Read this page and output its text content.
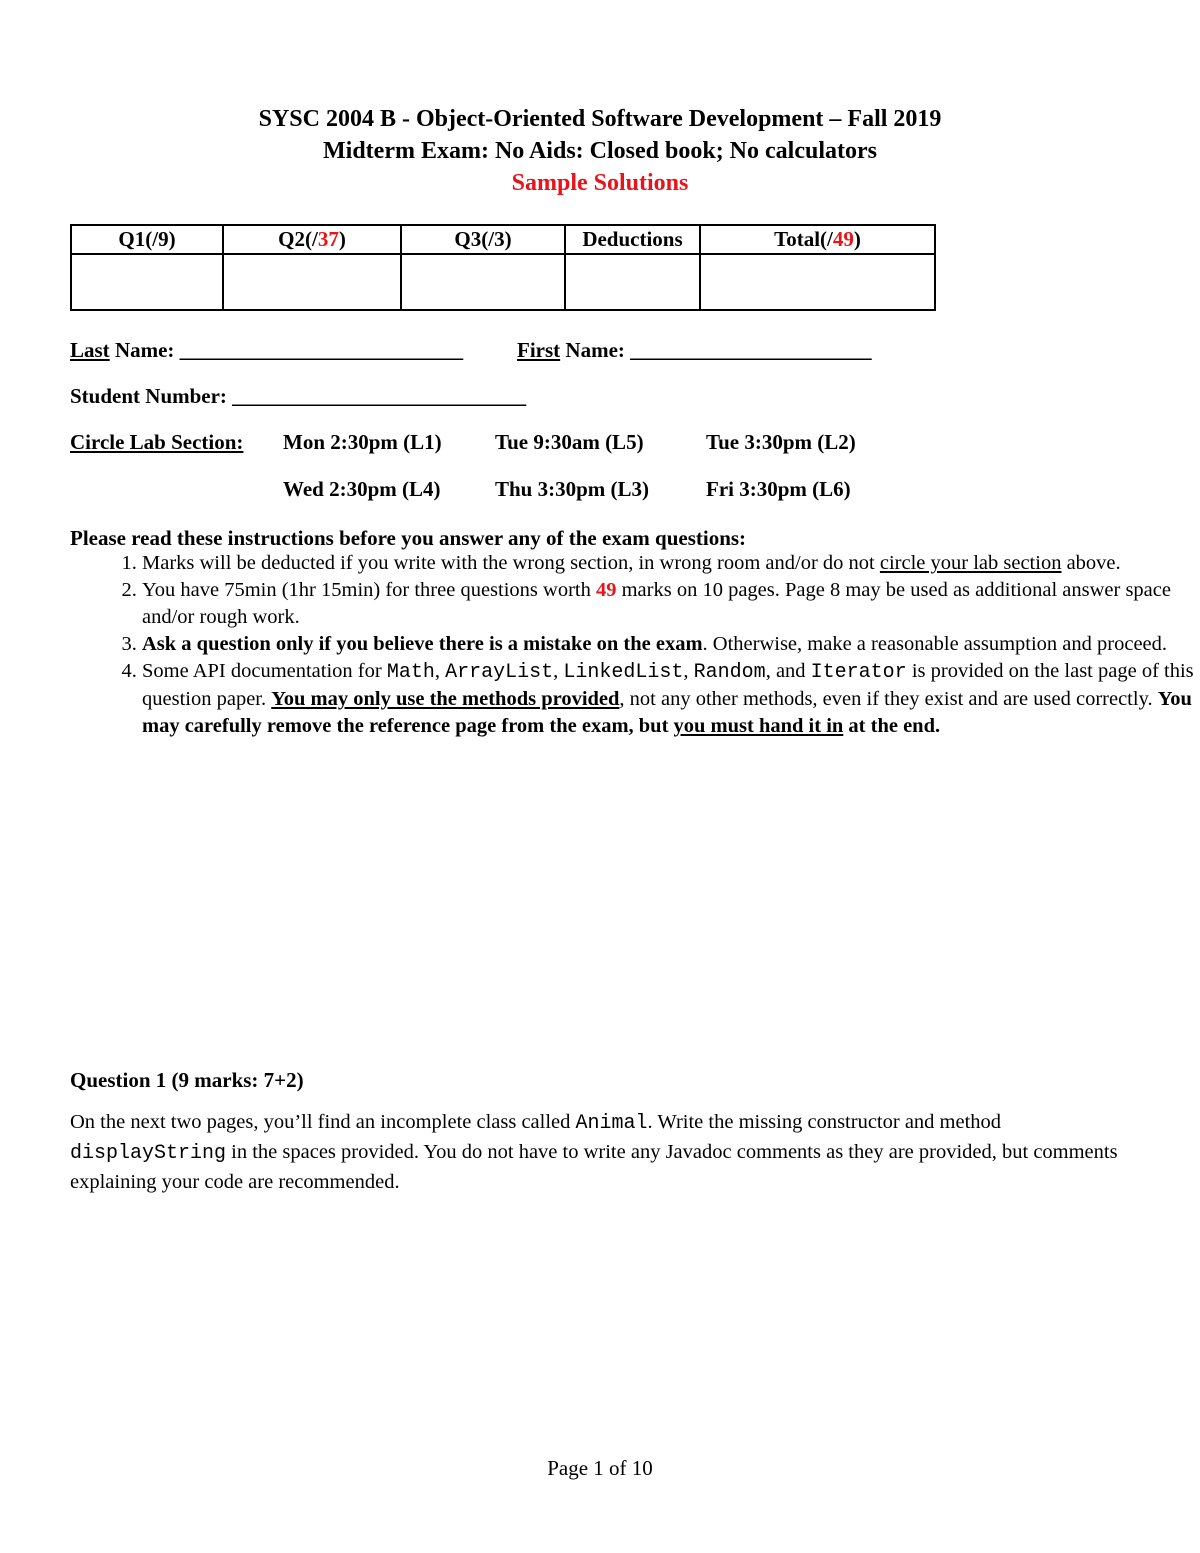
SYSC 2004 B - Object-Oriented Software Development – Fall 2019
Midterm Exam: No Aids: Closed book; No calculators
Sample Solutions
Q1(/9)	Q2(/37)	Q3(/3)	Deductions	Total(/49)

Last Name: ___________________________	First Name: _______________________
Student Number: ____________________________
Circle Lab Section: Mon 2:30pm (L1)	Tue 9:30am (L5)	Tue 3:30pm (L2)
Wed 2:30pm (L4)	Thu 3:30pm (L3)	Fri 3:30pm (L6)
Please read these instructions before you answer any of the exam questions:
1. Marks will be deducted if you write with the wrong section, in wrong room and/or do not circle your lab section above.
2. You have 75min (1hr 15min) for three questions worth 49 marks on 10 pages. Page 8 may be used as additional answer space and/or rough work.
3. Ask a question only if you believe there is a mistake on the exam. Otherwise, make a reasonable assumption and proceed.
4. Some API documentation for Math, ArrayList, LinkedList, Random, and Iterator is provided on the last page of this question paper. You may only use the methods provided, not any other methods, even if they exist and are used correctly. You may carefully remove the reference page from the exam, but you must hand it in at the end.
Question 1 (9 marks: 7+2)
On the next two pages, you’ll find an incomplete class called Animal. Write the missing constructor and method displayString in the spaces provided. You do not have to write any Javadoc comments as they are provided, but comments explaining your code are recommended.
Page 1 of 10
